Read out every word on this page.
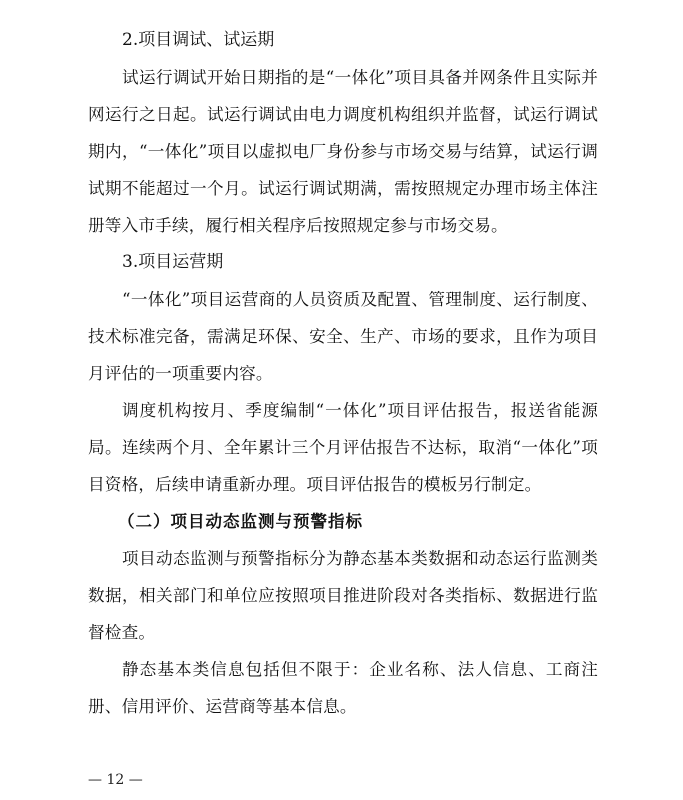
2.项目调试、试运期

试运行调试开始日期指的是“一体化”项目具备并网条件且实际并网运行之日起。试运行调试由电力调度机构组织并监督，试运行调试期内，“一体化”项目以虚拟电厂身份参与市场交易与结算，试运行调试期不能超过一个月。试运行调试期满，需按照规定办理市场主体注册等入市手续，履行相关程序后按照规定参与市场交易。

3.项目运营期

“一体化”项目运营商的人员资质及配置、管理制度、运行制度、技术标准完备，需满足环保、安全、生产、市场的要求，且作为项目月评估的一项重要内容。

调度机构按月、季度编制“一体化”项目评估报告，报送省能源局。连续两个月、全年累计三个月评估报告不达标，取消“一体化”项目资格，后续申请重新办理。项目评估报告的模板另行制定。

（二）项目动态监测与预警指标

项目动态监测与预警指标分为静态基本类数据和动态运行监测类数据，相关部门和单位应按照项目推进阶段对各类指标、数据进行监督检查。

静态基本类信息包括但不限于：企业名称、法人信息、工商注册、信用评价、运营商等基本信息。

— 12 —
